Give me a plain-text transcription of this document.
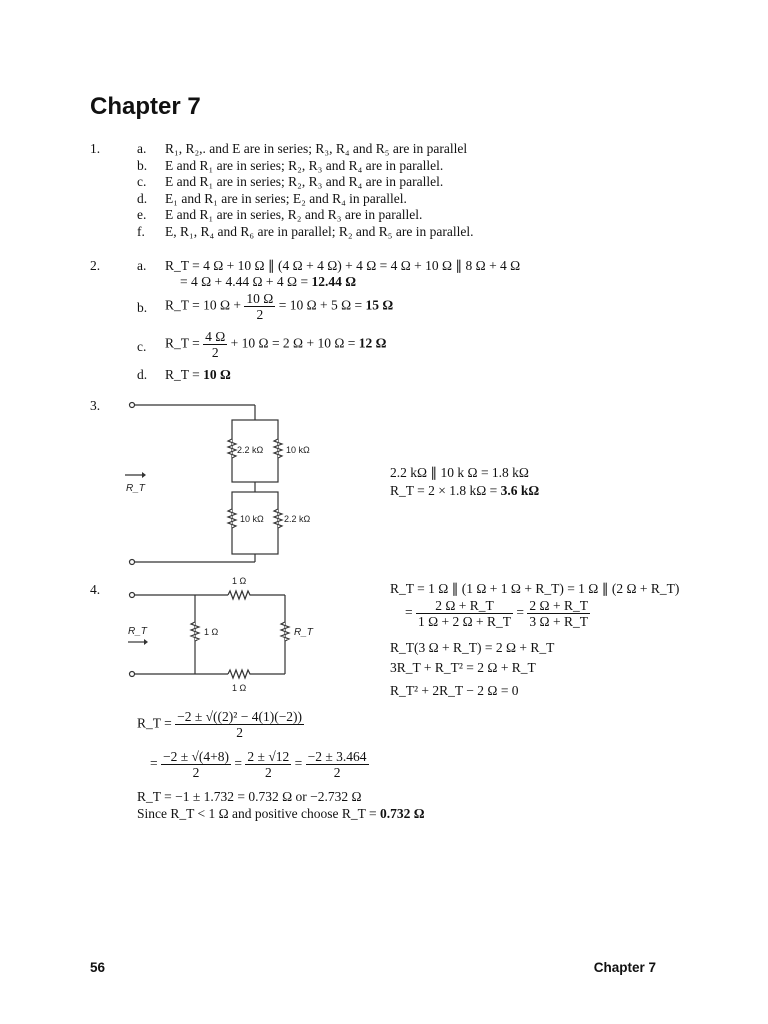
Chapter 7
1.	a. R₁, R₂,. and E are in series; R₃, R₄ and R₅ are in parallel
b. E and R₁ are in series; R₂, R₃ and R₄ are in parallel.
c. E and R₁ are in series; R₂, R₃ and R₄ are in parallel.
d. E₁ and R₁ are in series; E₂ and R₄ in parallel.
e. E and R₁ are in series, R₂ and R₃ are in parallel.
f. E, R₁, R₄ and R₆ are in parallel; R₂ and R₅ are in parallel.
2.	a. R_T = 4 Ω + 10 Ω ∥ (4 Ω + 4 Ω) + 4 Ω = 4 Ω + 10 Ω ∥ 8 Ω + 4 Ω
= 4 Ω + 4.44 Ω + 4 Ω = 12.44 Ω
b. R_T = 10 $\Omega + \frac{10 \Omega}{2} = 10$ Ω + 5 Ω = 15 Ω
c. R_T = $\frac{4 \Omega}{2} + 10$ Ω = 2 Ω + 10 Ω = 12 Ω
d. R_T = 10 Ω
3.
2.2 kΩ	10 kΩ
10 kΩ 2.2 kΩ
R_T
2.2 kΩ ∥ 10 k Ω = 1.8 kΩ
R_T = 2 × 1.8 kΩ = 3.6 kΩ
4.
1 Ω
1 Ω	R_T
1 Ω
R_T
R_T = 1 Ω ∥ (1 Ω + 1 Ω + R_T) = 1 Ω ∥ (2 Ω + R_T)
= $\frac{2 \Omega + R\_T}{1 \Omega + 2 \Omega + R\_T} = \frac{2 \Omega + R\_T}{3 \Omega + R\_T}$
R_T(3 Ω + R_T) = 2 Ω + R_T
3R_T + R_T² = 2 Ω + R_T
R_T² + 2R_T − 2 Ω = 0
R_T = $\frac{\text{−2 ± √((2)² − 4(1)(−2))}}{2}$
= $\frac{-2 \pm √(4+8)}{2} = \frac{2 \pm √12}{2} = \frac{-2 \pm 3.464}{2}$
R_T = −1 ± 1.732 = 0.732 Ω or −2.732 Ω
Since R_T < 1 Ω and positive choose R_T = 0.732 Ω
56	Chapter 7
